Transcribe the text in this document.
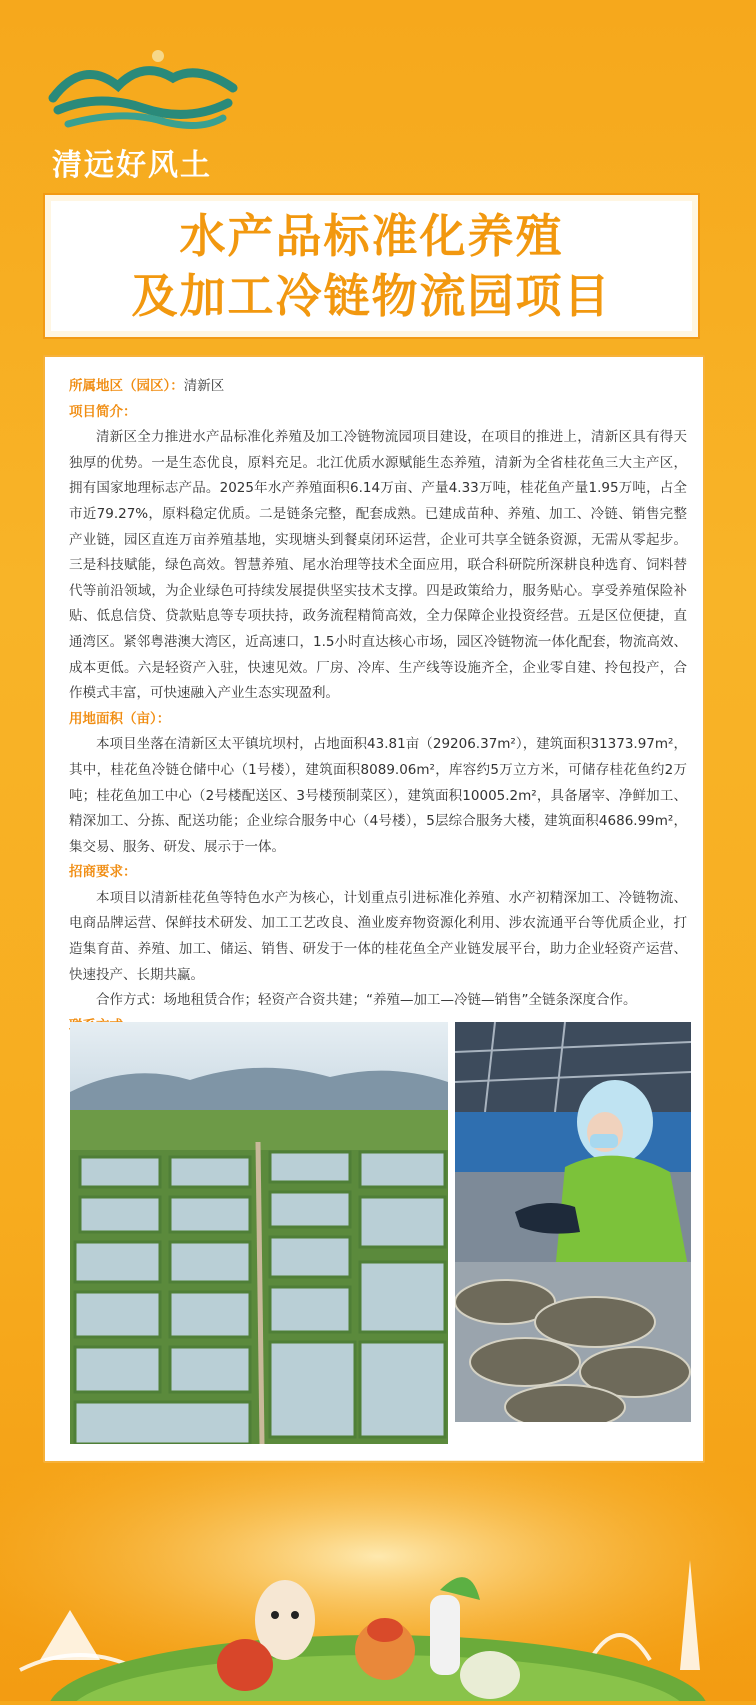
清远好风土
水产品标准化养殖
及加工冷链物流园项目

所属地区（园区）：清新区

项目简介：

清新区全力推进水产品标准化养殖及加工冷链物流园项目建设，在项目的推进上，清新区具有得天独厚的优势。一是生态优良，原料充足。北江优质水源赋能生态养殖，清新为全省桂花鱼三大主产区，拥有国家地理标志产品。2025年水产养殖面积6.14万亩、产量4.33万吨，桂花鱼产量1.95万吨，占全市近79.27%，原料稳定优质。二是链条完整，配套成熟。已建成苗种、养殖、加工、冷链、销售完整产业链，园区直连万亩养殖基地，实现塘头到餐桌闭环运营，企业可共享全链条资源，无需从零起步。三是科技赋能，绿色高效。智慧养殖、尾水治理等技术全面应用，联合科研院所深耕良种选育、饲料替代等前沿领域，为企业绿色可持续发展提供坚实技术支撑。四是政策给力，服务贴心。享受养殖保险补贴、低息信贷、贷款贴息等专项扶持，政务流程精简高效，全力保障企业投资经营。五是区位便捷，直通湾区。紧邻粤港澳大湾区，近高速口，1.5小时直达核心市场，园区冷链物流一体化配套，物流高效、成本更低。六是轻资产入驻，快速见效。厂房、冷库、生产线等设施齐全，企业零自建、拎包投产，合作模式丰富，可快速融入产业生态实现盈利。

用地面积（亩）：

本项目坐落在清新区太平镇坑坝村，占地面积43.81亩（29206.37m²），建筑面积31373.97m²，其中，桂花鱼冷链仓储中心（1号楼），建筑面积8089.06m²，库容约5万立方米，可储存桂花鱼约2万吨；桂花鱼加工中心（2号楼配送区、3号楼预制菜区），建筑面积10005.2m²，具备屠宰、净鲜加工、精深加工、分拣、配送功能；企业综合服务中心（4号楼），5层综合服务大楼，建筑面积4686.99m²，集交易、服务、研发、展示于一体。

招商要求：

本项目以清新桂花鱼等特色水产为核心，计划重点引进标准化养殖、水产初精深加工、冷链物流、电商品牌运营、保鲜技术研发、加工工艺改良、渔业废弃物资源化利用、涉农流通平台等优质企业，打造集育苗、养殖、加工、储运、销售、研发于一体的桂花鱼全产业链发展平台，助力企业轻资产运营、快速投产、长期共赢。

合作方式：场地租赁合作；轻资产合资共建；“养殖—加工—冷链—销售”全链条深度合作。
